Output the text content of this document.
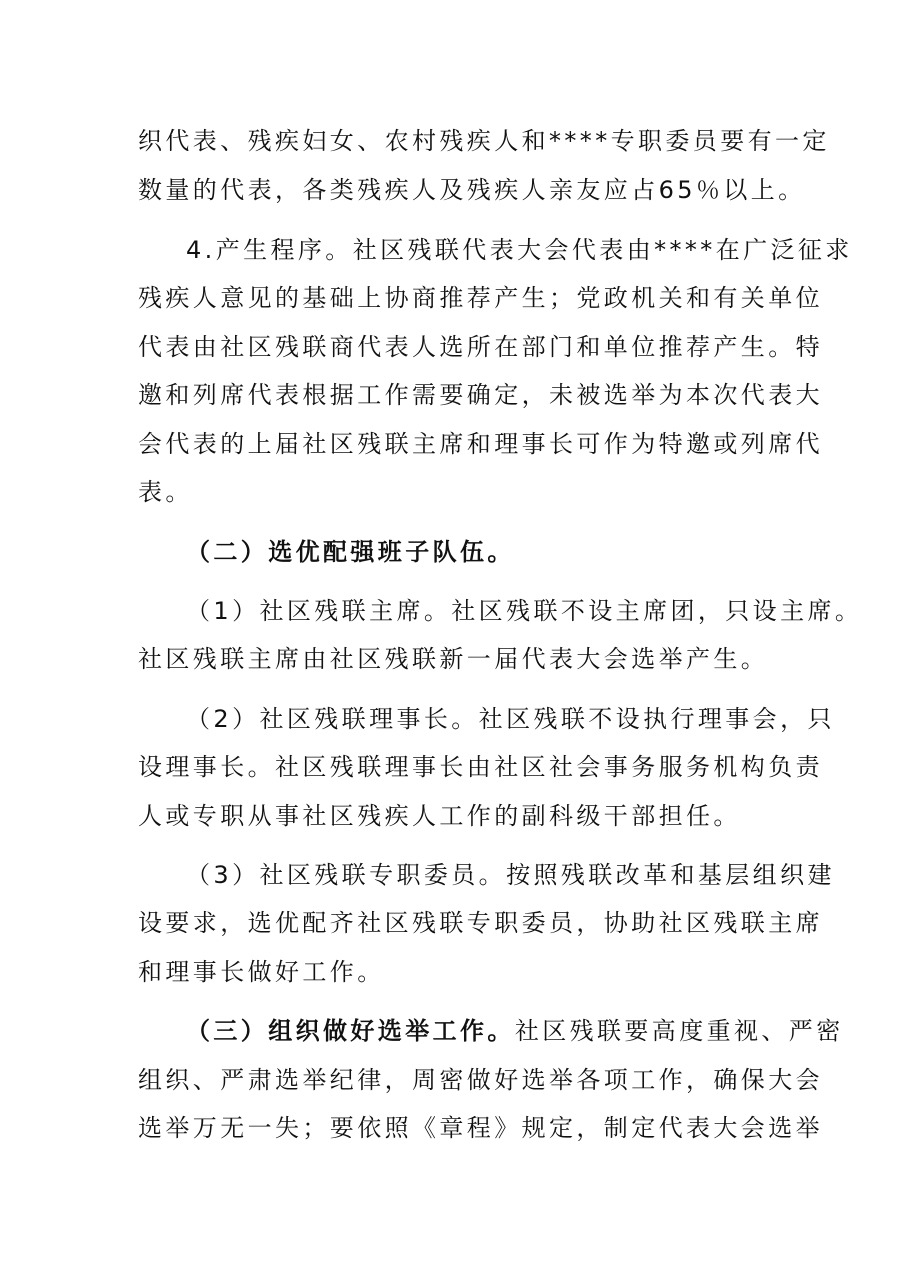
织代表、残疾妇女、农村残疾人和****专职委员要有一定
数量的代表，各类残疾人及残疾人亲友应占65％以上。
4.产生程序。社区残联代表大会代表由****在广泛征求
残疾人意见的基础上协商推荐产生；党政机关和有关单位
代表由社区残联商代表人选所在部门和单位推荐产生。特
邀和列席代表根据工作需要确定，未被选举为本次代表大
会代表的上届社区残联主席和理事长可作为特邀或列席代
表。
（二）选优配强班子队伍。
（1）社区残联主席。社区残联不设主席团，只设主席。
社区残联主席由社区残联新一届代表大会选举产生。
（2）社区残联理事长。社区残联不设执行理事会，只
设理事长。社区残联理事长由社区社会事务服务机构负责
人或专职从事社区残疾人工作的副科级干部担任。
（3）社区残联专职委员。按照残联改革和基层组织建
设要求，选优配齐社区残联专职委员，协助社区残联主席
和理事长做好工作。
（三）组织做好选举工作。社区残联要高度重视、严密
组织、严肃选举纪律，周密做好选举各项工作，确保大会
选举万无一失；要依照《章程》规定，制定代表大会选举
